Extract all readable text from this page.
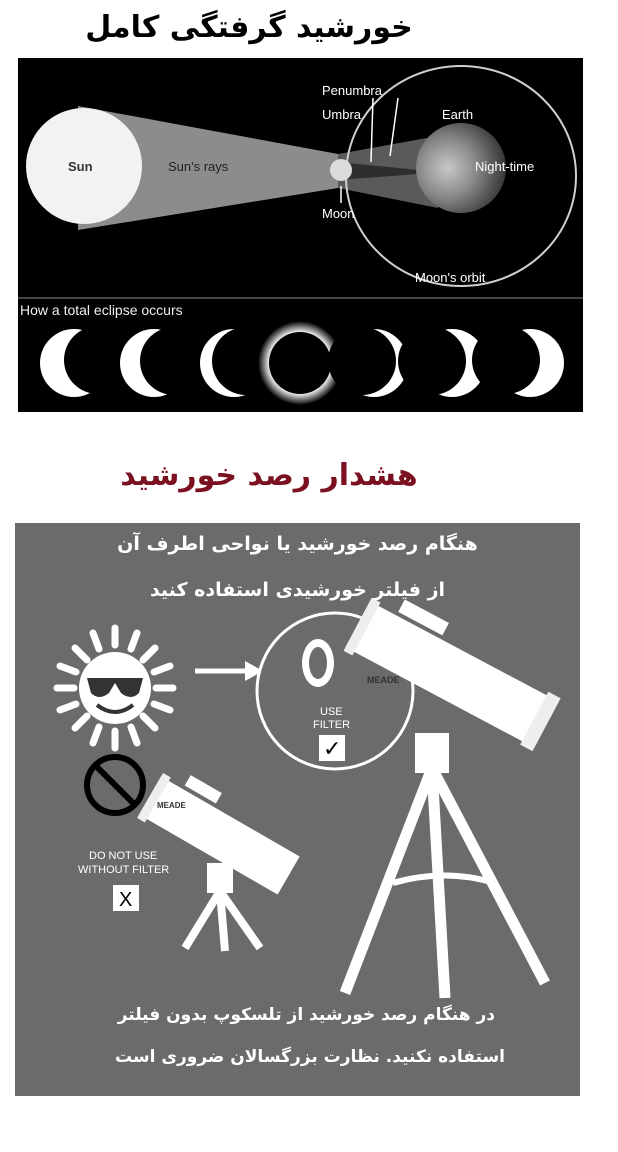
خورشید گرفتگی کامل
Sun	Sun's rays
Penumbra
Umbra	Earth
Night-time
Moon
Moon's orbit
How a total eclipse occurs
هشدار رصد خورشید
هنگام رصد خورشید یا نواحی اطرف آن
از فیلتر خورشیدی استفاده کنید
USE
FILTER
✓
MEADE
MEADE
DO NOT USE
WITHOUT FILTER
X
در هنگام رصد خورشید از تلسکوپ بدون فیلتر
استفاده نکنید. نظارت بزرگسالان ضروری است
